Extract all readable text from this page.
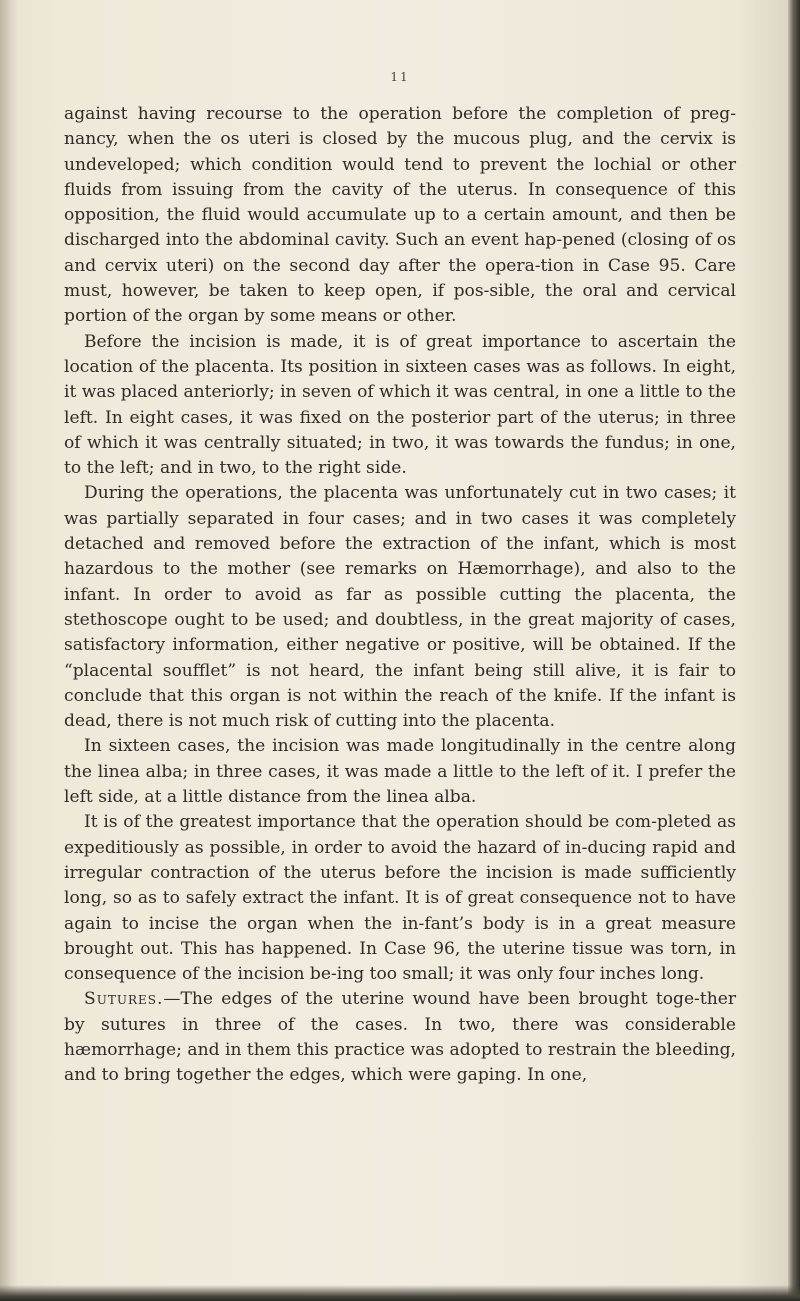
11

against having recourse to the operation before the completion of preg-nancy, when the os uteri is closed by the mucous plug, and the cervix is undeveloped; which condition would tend to prevent the lochial or other fluids from issuing from the cavity of the uterus. In consequence of this opposition, the fluid would accumulate up to a certain amount, and then be discharged into the abdominal cavity. Such an event hap-pened (closing of os and cervix uteri) on the second day after the opera-tion in Case 95. Care must, however, be taken to keep open, if pos-sible, the oral and cervical portion of the organ by some means or other.

Before the incision is made, it is of great importance to ascertain the location of the placenta. Its position in sixteen cases was as follows. In eight, it was placed anteriorly; in seven of which it was central, in one a little to the left. In eight cases, it was fixed on the posterior part of the uterus; in three of which it was centrally situated; in two, it was towards the fundus; in one, to the left; and in two, to the right side.

During the operations, the placenta was unfortunately cut in two cases; it was partially separated in four cases; and in two cases it was completely detached and removed before the extraction of the infant, which is most hazardous to the mother (see remarks on Hæmorrhage), and also to the infant. In order to avoid as far as possible cutting the placenta, the stethoscope ought to be used; and doubtless, in the great majority of cases, satisfactory information, either negative or positive, will be obtained. If the “placental soufflet” is not heard, the infant being still alive, it is fair to conclude that this organ is not within the reach of the knife. If the infant is dead, there is not much risk of cutting into the placenta.

In sixteen cases, the incision was made longitudinally in the centre along the linea alba; in three cases, it was made a little to the left of it. I prefer the left side, at a little distance from the linea alba.

It is of the greatest importance that the operation should be com-pleted as expeditiously as possible, in order to avoid the hazard of in-ducing rapid and irregular contraction of the uterus before the incision is made sufficiently long, so as to safely extract the infant. It is of great consequence not to have again to incise the organ when the in-fant’s body is in a great measure brought out. This has happened. In Case 96, the uterine tissue was torn, in consequence of the incision be-ing too small; it was only four inches long.

Sutures.—The edges of the uterine wound have been brought toge-ther by sutures in three of the cases. In two, there was considerable hæmorrhage; and in them this practice was adopted to restrain the bleeding, and to bring together the edges, which were gaping. In one,
